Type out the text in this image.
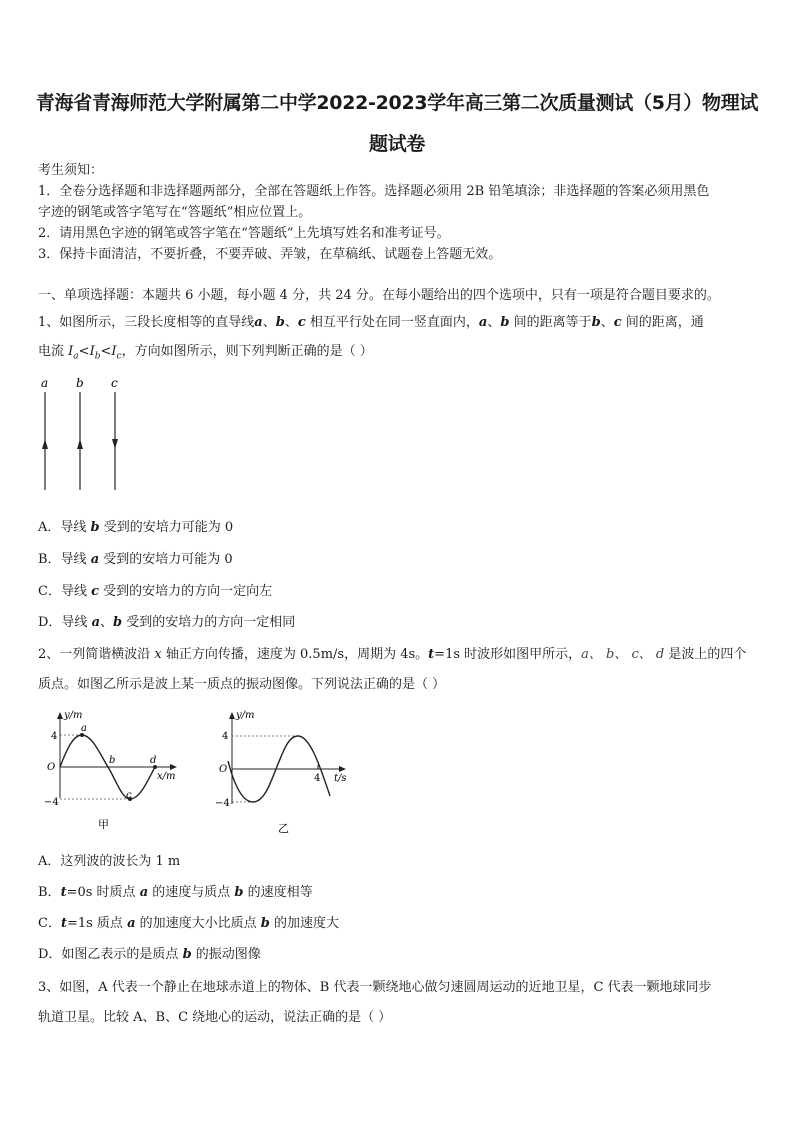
青海省青海师范大学附属第二中学2022-2023学年高三第二次质量测试（5月）物理试
题试卷
考生须知：
1．全卷分选择题和非选择题两部分，全部在答题纸上作答。选择题必须用 2B 铅笔填涂；非选择题的答案必须用黑色
字迹的钢笔或答字笔写在“答题纸”相应位置上。
2．请用黑色字迹的钢笔或答字笔在“答题纸”上先填写姓名和准考证号。
3．保持卡面清洁，不要折叠，不要弄破、弄皱，在草稿纸、试题卷上答题无效。
一、单项选择题：本题共 6 小题，每小题 4 分，共 24 分。在每小题给出的四个选项中，只有一项是符合题目要求的。
1、如图所示，三段长度相等的直导线a、b、c 相互平行处在同一竖直面内，a、b 间的距离等于b、c 间的距离，通
电流 $I_a<I_b<I_c$，方向如图所示，则下列判断正确的是（ ）
a b c
A．导线 b 受到的安培力可能为 0
B．导线 a 受到的安培力可能为 0
C．导线 c 受到的安培力的方向一定向左
D．导线 a、b 受到的安培力的方向一定相同
2、一列简谐横波沿 x 轴正方向传播，速度为 0.5m/s，周期为 4s。t=1s 时波形如图甲所示，a、 b、 c、 d 是波上的四个
质点。如图乙所示是波上某一质点的振动图像。下列说法正确的是（ ）
y/m
x/m
O
4
−4
a
b
c
d
甲
y/m
t/s
O
4
−4
4
乙
A．这列波的波长为 1 m
B．t=0s 时质点 a 的速度与质点 b 的速度相等
C．t=1s 质点 a 的加速度大小比质点 b 的加速度大
D．如图乙表示的是质点 b 的振动图像
3、如图，A 代表一个静止在地球赤道上的物体、B 代表一颗绕地心做匀速圆周运动的近地卫星，C 代表一颗地球同步
轨道卫星。比较 A、B、C 绕地心的运动，说法正确的是（ ）
